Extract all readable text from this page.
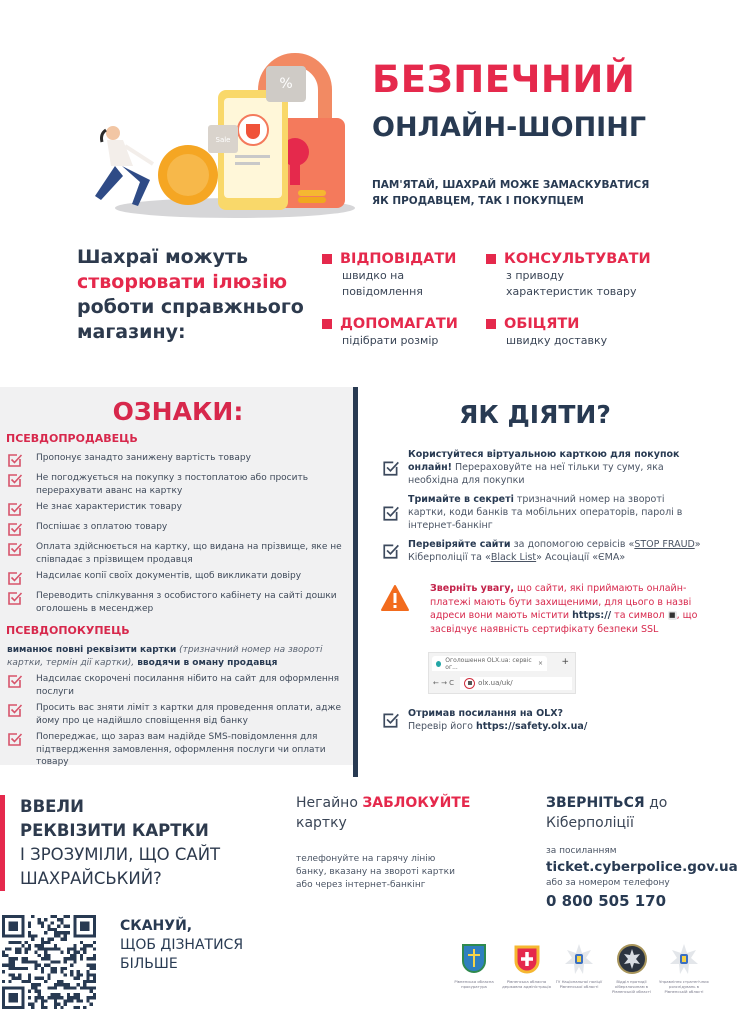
%
Sale
БЕЗПЕЧНИЙ
ОНЛАЙН-ШОПІНГ
ПАМ'ЯТАЙ, ШАХРАЙ МОЖЕ ЗАМАСКУВАТИСЯ
ЯК ПРОДАВЦЕМ, ТАК І ПОКУПЦЕМ
Шахраї можуть
створювати ілюзію
роботи справжнього
магазину:
ВІДПОВІДАТИ
швидко на
повідомлення
КОНСУЛЬТУВАТИ
з приводу
характеристик товару
ДОПОМАГАТИ
підібрати розмір
ОБІЦЯТИ
швидку доставку
ОЗНАКИ:
ПСЕВДОПРОДАВЕЦЬ
Пропонує занадто занижену вартість товару
Не погоджується на покупку з постоплатою або просить перерахувати аванс на картку
Не знає характеристик товару
Поспішає з оплатою товару
Оплата здійснюється на картку, що видана на прізвище, яке не співпадає з прізвищем продавця
Надсилає копії своїх документів, щоб викликати довіру
Переводить спілкування з особистого кабінету на сайті дошки оголошень в месенджер
ПСЕВДОПОКУПЕЦЬ
виманює повні реквізити картки (тризначний номер на звороті картки, термін дії картки), вводячи в оману продавця
Надсилає скорочені посилання нібито на сайт для оформлення послуги
Просить вас зняти ліміт з картки для проведення оплати, адже йому про це надійшло сповіщення від банку
Попереджає, що зараз вам надійде SMS-повідомлення для підтвердження замовлення, оформлення послуги чи оплати товару
ЯК ДІЯТИ?
Користуйтеся віртуальною карткою для покупок онлайн! Перераховуйте на неї тільки ту суму, яка необхідна для покупки
Тримайте в секреті тризначний номер на звороті картки, коди банків та мобільних операторів, паролі в інтернет-банкінг
Перевіряйте сайти за допомогою сервісів «STOP FRAUD» Кіберполіції та «Black List» Асоціації «ЄМА»
Зверніть увагу, що сайти, які приймають онлайн-платежі мають бути захищеними, для цього в назві адреси вони мають містити https:// та символ ■, що засвідчує наявність сертифікату безпеки SSL
Оголошення OLX.ua: сервіс ог...	× +
← → C	olx.ua/uk/
Отримав посилання на OLX?
Перевір його https://safety.olx.ua/
ВВЕЛИ
РЕКВІЗИТИ КАРТКИ
І ЗРОЗУМІЛИ, ЩО САЙТ
ШАХРАЙСЬКИЙ?
Негайно ЗАБЛОКУЙТЕ
картку
телефонуйте на гарячу лінію
банку, вказану на звороті картки
або через інтернет-банкінг
ЗВЕРНІТЬСЯ до
Кіберполіції
за посиланням
ticket.cyberpolice.gov.ua
або за номером телефону
0 800 505 170
СКАНУЙ,
ЩОБ ДІЗНАТИСЯ
БІЛЬШЕ
Рівненська обласна прокуратура
Рівненська обласна державна адміністрація
ГУ Національної поліції Рівненської області
Відділ протидії кіберзлочинам в Рівненській області
Управління стратегічних розслідувань в Рівненській області
